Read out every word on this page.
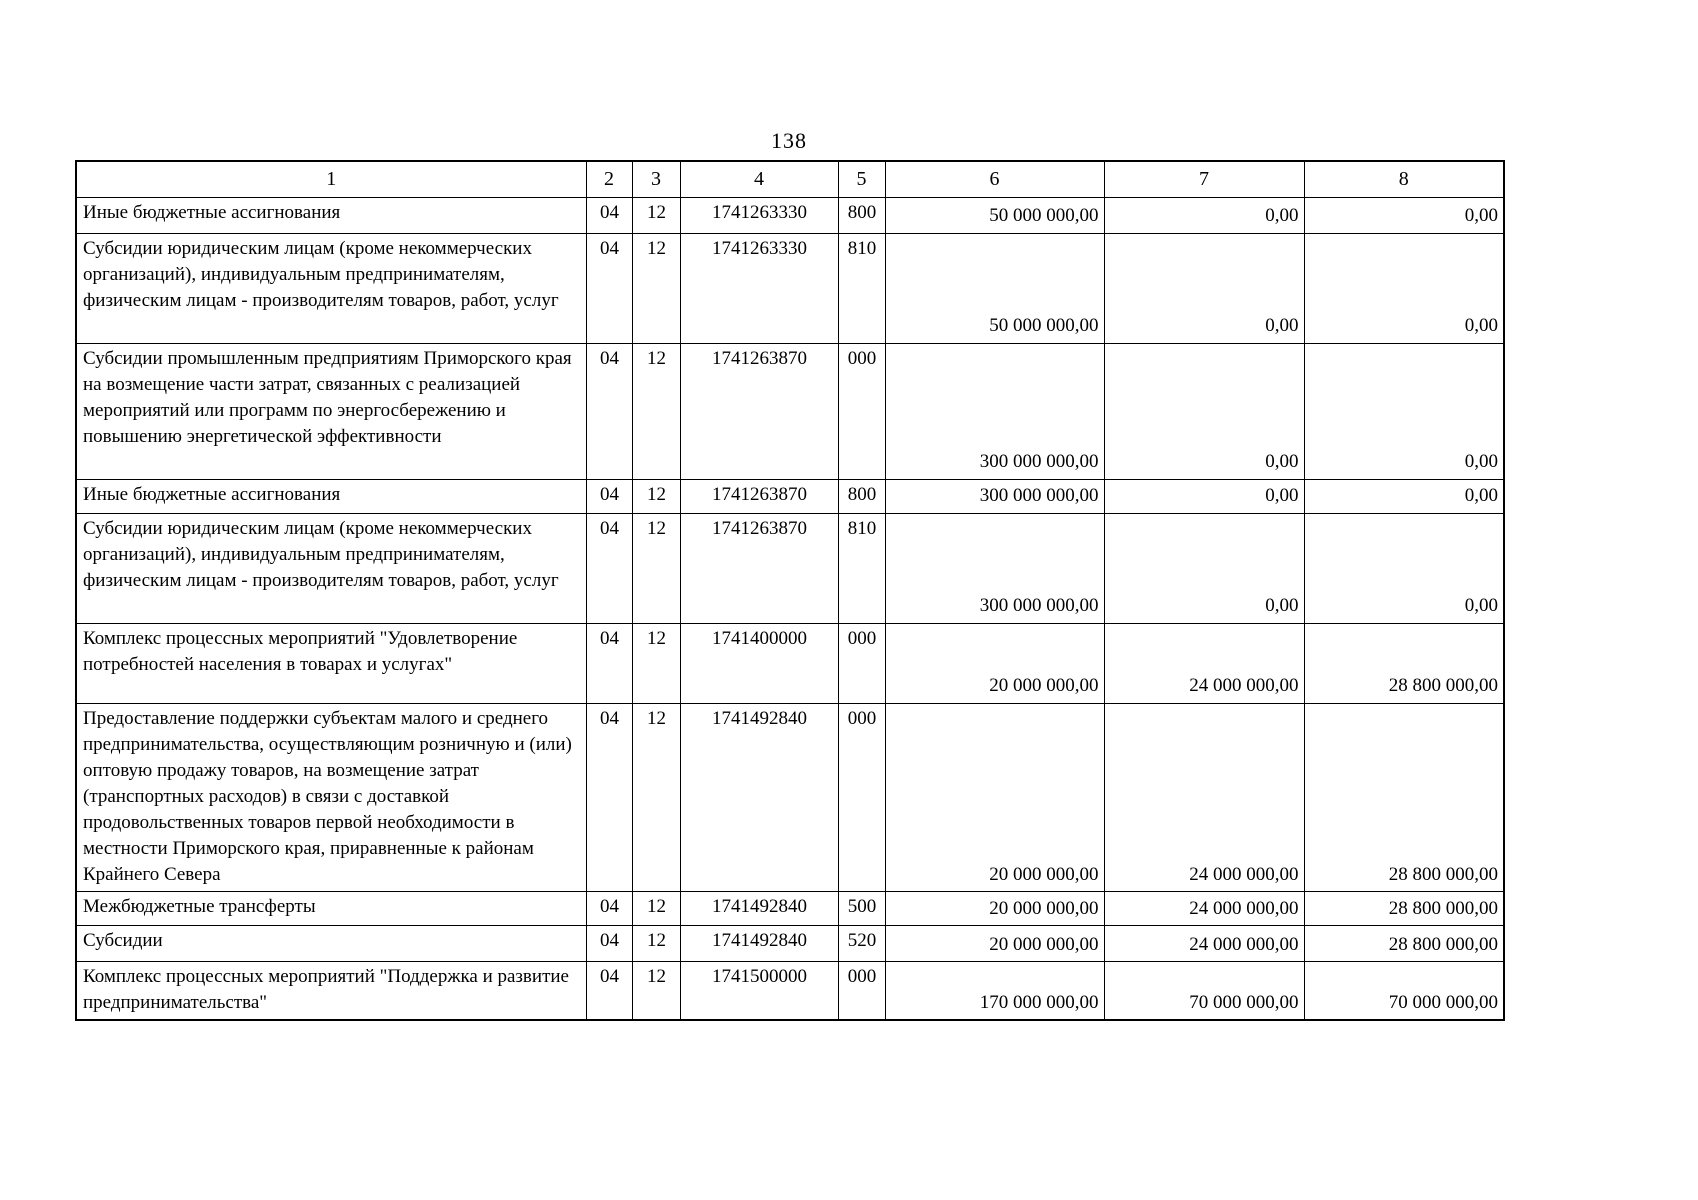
138
1	2	3	4	5	6	7	8
Иные бюджетные ассигнования	04	12	1741263330	800	50 000 000,00	0,00	0,00
Субсидии юридическим лицам (кроме некоммерческих организаций), индивидуальным предпринимателям, физическим лицам - производителям товаров, работ, услуг	04	12	1741263330	810	50 000 000,00	0,00	0,00
Субсидии промышленным предприятиям Приморского края на возмещение части затрат, связанных с реализацией мероприятий или программ по энергосбережению и повышению энергетической эффективности	04	12	1741263870	000	300 000 000,00	0,00	0,00
Иные бюджетные ассигнования	04	12	1741263870	800	300 000 000,00	0,00	0,00
Субсидии юридическим лицам (кроме некоммерческих организаций), индивидуальным предпринимателям, физическим лицам - производителям товаров, работ, услуг	04	12	1741263870	810	300 000 000,00	0,00	0,00
Комплекс процессных мероприятий "Удовлетворение потребностей населения в товарах и услугах"	04	12	1741400000	000	20 000 000,00	24 000 000,00	28 800 000,00
Предоставление поддержки субъектам малого и среднего предпринимательства, осуществляющим розничную и (или) оптовую продажу товаров, на возмещение затрат (транспортных расходов) в связи с доставкой продовольственных товаров первой необходимости в местности Приморского края, приравненные к районам Крайнего Севера	04	12	1741492840	000	20 000 000,00	24 000 000,00	28 800 000,00
Межбюджетные трансферты	04	12	1741492840	500	20 000 000,00	24 000 000,00	28 800 000,00
Субсидии	04	12	1741492840	520	20 000 000,00	24 000 000,00	28 800 000,00
Комплекс процессных мероприятий "Поддержка и развитие предпринимательства"	04	12	1741500000	000	170 000 000,00	70 000 000,00	70 000 000,00
